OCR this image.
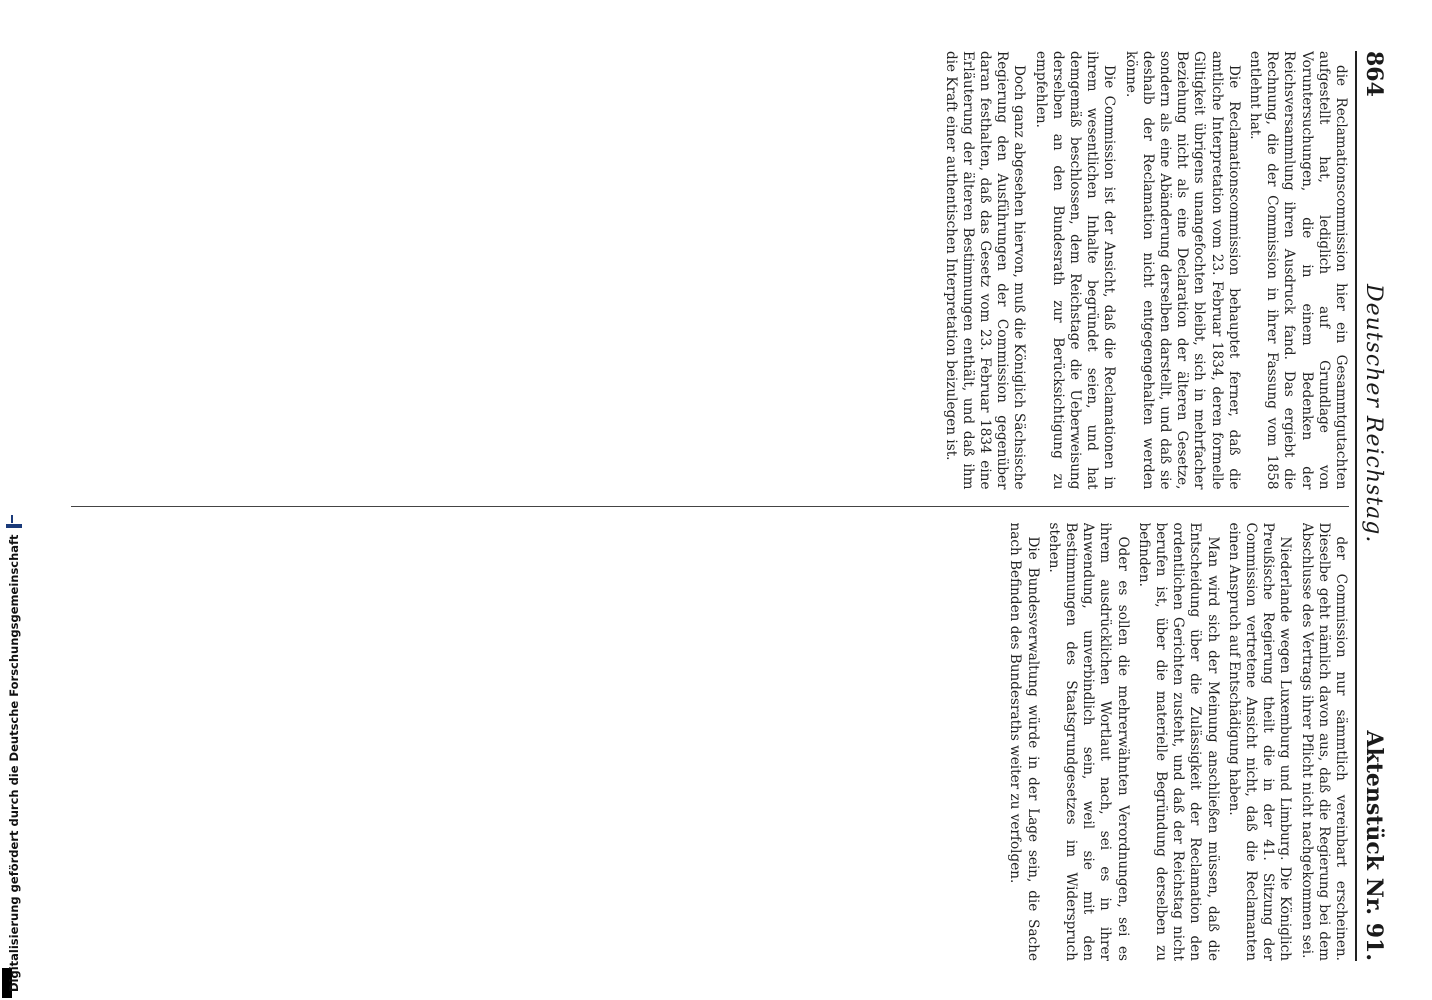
864
Deutscher Reichstag.
Aktenstück Nr. 91.

die Reclamationscommission hier ein Gesammtgutachten aufgestellt hat, lediglich auf Grundlage von Voruntersuchungen, die in einem Bedenken der Reichsversammlung ihren Ausdruck fand. Das ergiebt die Rechnung, die der Commission in ihrer Fassung vom 1858 entlehnt hat.

Die Reclamationscommission behauptet ferner, daß die amtliche Interpretation vom 23. Februar 1834, deren formelle Giltigkeit übrigens unangefochten bleibt, sich in mehrfacher Beziehung nicht als eine Declaration der älteren Gesetze, sondern als eine Abänderung derselben darstellt, und daß sie deshalb der Reclamation nicht entgegengehalten werden könne.

Die Commission ist der Ansicht, daß die Reclamationen in ihrem wesentlichen Inhalte begründet seien, und hat demgemäß beschlossen, dem Reichstage die Ueberweisung derselben an den Bundesrath zur Berücksichtigung zu empfehlen.

Doch ganz abgesehen hiervon, muß die Königlich Sächsische Regierung den Ausführungen der Commission gegenüber daran festhalten, daß das Gesetz vom 23. Februar 1834 eine Erläuterung der älteren Bestimmungen enthält, und daß ihm die Kraft einer authentischen Interpretation beizulegen ist.

der Commission nur sämmtlich vereinbart erscheinen. Dieselbe geht nämlich davon aus, daß die Regierung bei dem Abschlusse des Vertrags ihrer Pflicht nicht nachgekommen sei.

Niederlande wegen Luxemburg und Limburg. Die Königlich Preußische Regierung theilt die in der 41. Sitzung der Commission vertretene Ansicht nicht, daß die Reclamanten einen Anspruch auf Entschädigung haben.

Man wird sich der Meinung anschließen müssen, daß die Entscheidung über die Zulässigkeit der Reclamation den ordentlichen Gerichten zusteht, und daß der Reichstag nicht berufen ist, über die materielle Begründung derselben zu befinden.

Oder es sollen die mehrerwähnten Verordnungen, sei es ihrem ausdrücklichen Wortlaut nach, sei es in ihrer Anwendung, unverbindlich sein, weil sie mit den Bestimmungen des Staatsgrundgesetzes im Widerspruch stehen.

Die Bundesverwaltung würde in der Lage sein, die Sache nach Befinden des Bundesraths weiter zu verfolgen.

Digitalisierung gefördert durch die Deutsche Forschungsgemeinschaft
